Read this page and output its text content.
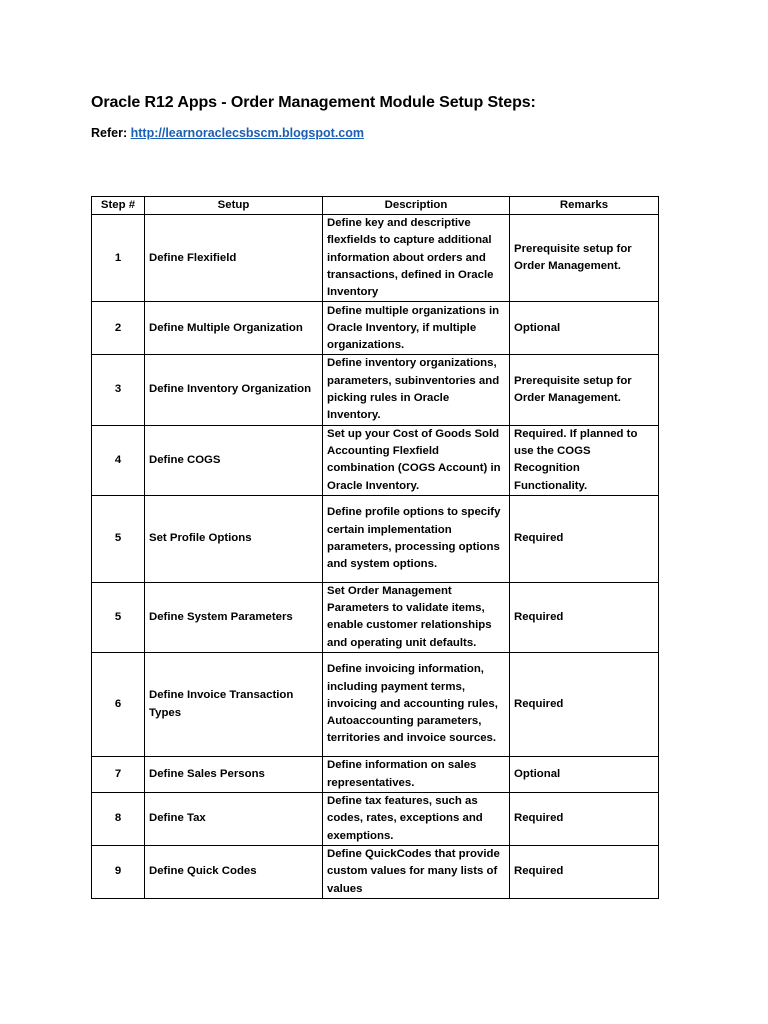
Oracle R12 Apps - Order Management Module Setup Steps:
Refer: http://learnoraclecsbscm.blogspot.com
Step #	Setup	Description	Remarks
1	Define Flexifield	Define key and descriptive flexfields to capture additional information about orders and transactions, defined in Oracle Inventory	Prerequisite setup for Order Management.
2	Define Multiple Organization	Define multiple organizations in Oracle Inventory, if multiple organizations.	Optional
3	Define Inventory Organization	Define inventory organizations, parameters, subinventories and picking rules in Oracle Inventory.	Prerequisite setup for Order Management.
4	Define COGS	Set up your Cost of Goods Sold Accounting Flexfield combination (COGS Account) in Oracle Inventory.	Required. If planned to use the COGS Recognition Functionality.
5	Set Profile Options	Define profile options to specify certain implementation parameters, processing options and system options.	Required
5	Define System Parameters	Set Order Management Parameters to validate items, enable customer relationships and operating unit defaults.	Required
6	Define Invoice Transaction Types	Define invoicing information, including payment terms, invoicing and accounting rules, Autoaccounting parameters, territories and invoice sources.	Required
7	Define Sales Persons	Define information on sales representatives.	Optional
8	Define Tax	Define tax features, such as codes, rates, exceptions and exemptions.	Required
9	Define Quick Codes	Define QuickCodes that provide custom values for many lists of values	Required
